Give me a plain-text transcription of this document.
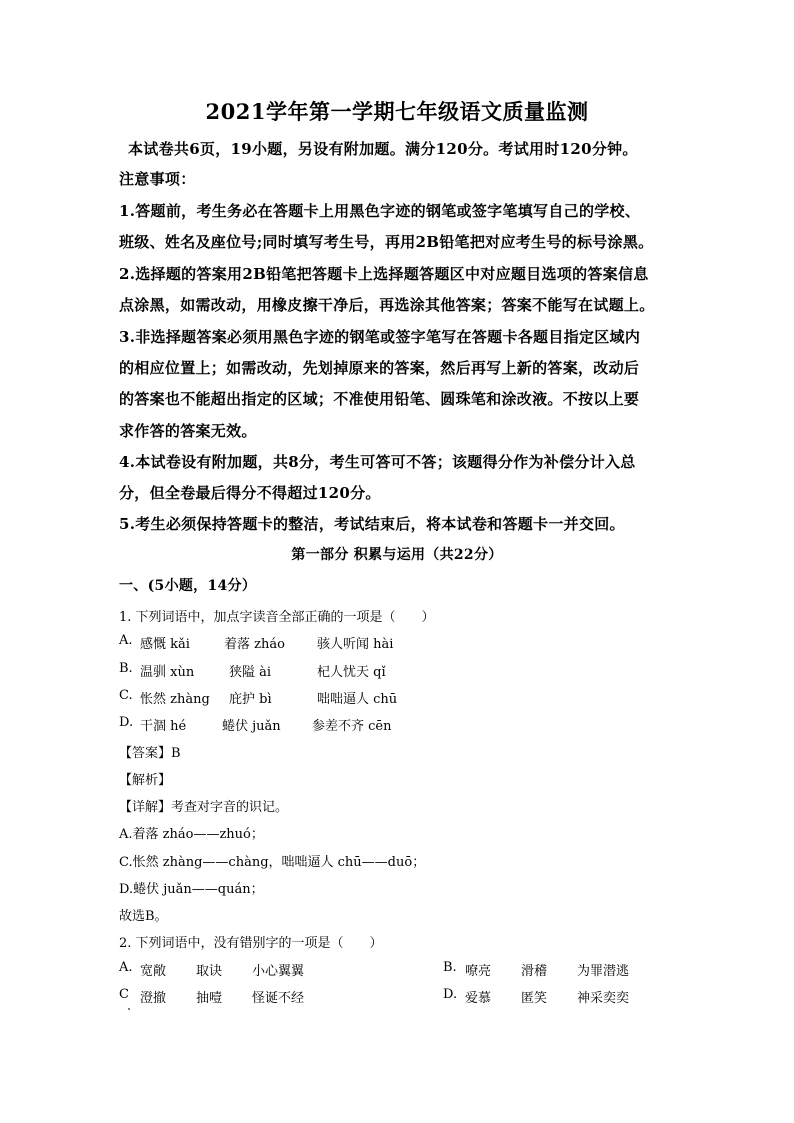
2021学年第一学期七年级语文质量监测
本试卷共6页，19小题，另设有附加题。满分120分。考试用时120分钟。
注意事项：
1.答题前，考生务必在答题卡上用黑色字迹的钢笔或签字笔填写自己的学校、
班级、姓名及座位号;同时填写考生号，再用2B铅笔把对应考生号的标号涂黑。
2.选择题的答案用2B铅笔把答题卡上选择题答题区中对应题目选项的答案信息
点涂黑，如需改动，用橡皮擦干净后，再选涂其他答案；答案不能写在试题上。
3.非选择题答案必须用黑色字迹的钢笔或签字笔写在答题卡各题目指定区域内
的相应位置上；如需改动，先划掉原来的答案，然后再写上新的答案，改动后
的答案也不能超出指定的区域；不准使用铅笔、圆珠笔和涂改液。不按以上要
求作答的答案无效。
4.本试卷设有附加题，共8分，考生可答可不答；该题得分作为补偿分计入总
分，但全卷最后得分不得超过120分。
5.考生必须保持答题卡的整洁，考试结束后，将本试卷和答题卡一并交回。
第一部分 积累与运用（共22分）
一、(5小题，14分）
1. 下列词语中，加点字读音全部正确的一项是（　　）
A. 感慨 kǎi	着落 zháo 骇人听闻 hài
B. 温驯 xùn	狭隘 ài	杞人忧天 qǐ
C. 怅然 zhàng 庇护 bì	咄咄逼人 chū
D. 干涸 hé	蜷伏 juǎn 参差不齐 cēn
【答案】B
【解析】
【详解】考查对字音的识记。
A.着落 zháo——zhuó；
C.怅然 zhàng——chàng，咄咄逼人 chū——duō；
D.蜷伏 juǎn——quán；
故选B。
2. 下列词语中，没有错别字的一项是（　　）
A. 宽敞 取诀 小心翼翼	B. 嘹亮 滑稽 为罪潜逃
C 澄撤 抽噎 怪诞不经	D. 爱慕 匿笑 神采奕奕
